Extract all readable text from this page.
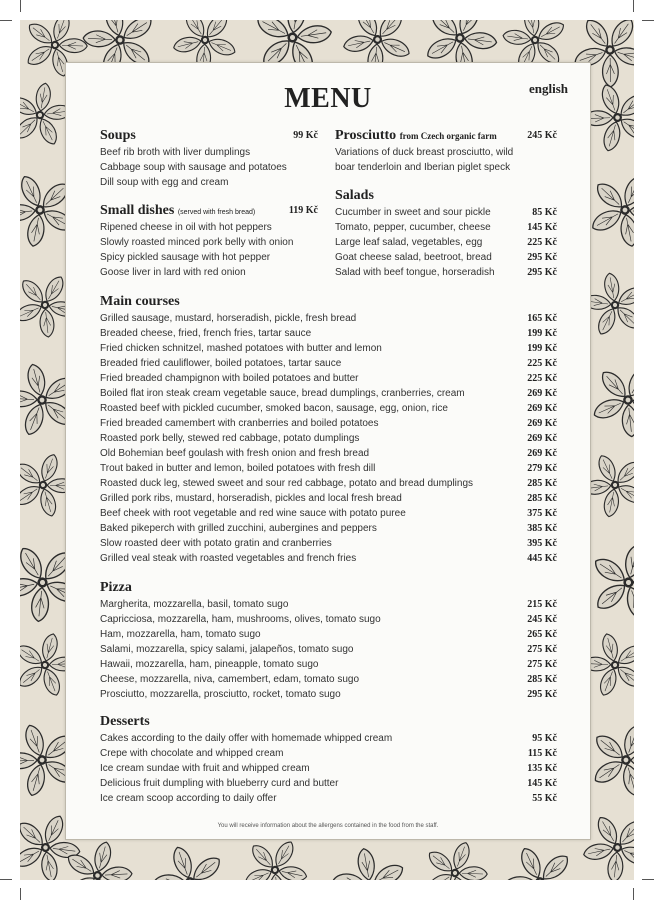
MENU	english
Soups	99 Kč
Beef rib broth with liver dumplings
Cabbage soup with sausage and potatoes
Dill soup with egg and cream
Prosciutto from Czech organic farm	245 Kč
Variations of duck breast prosciutto, wild
boar tenderloin and Iberian piglet speck
Small dishes (served with fresh bread)	119 Kč
Ripened cheese in oil with hot peppers
Slowly roasted minced pork belly with onion
Spicy pickled sausage with hot pepper
Goose liver in lard with red onion
Salads
Cucumber in sweet and sour pickle	85 Kč
Tomato, pepper, cucumber, cheese	145 Kč
Large leaf salad, vegetables, egg	225 Kč
Goat cheese salad, beetroot, bread	295 Kč
Salad with beef tongue, horseradish	295 Kč
Main courses
Grilled sausage, mustard, horseradish, pickle, fresh bread	165 Kč
Breaded cheese, fried, french fries, tartar sauce	199 Kč
Fried chicken schnitzel, mashed potatoes with butter and lemon	199 Kč
Breaded fried cauliflower, boiled potatoes, tartar sauce	225 Kč
Fried breaded champignon with boiled potatoes and butter	225 Kč
Boiled flat iron steak cream vegetable sauce, bread dumplings, cranberries, cream	269 Kč
Roasted beef with pickled cucumber, smoked bacon, sausage, egg, onion, rice	269 Kč
Fried breaded camembert with cranberries and boiled potatoes	269 Kč
Roasted pork belly, stewed red cabbage, potato dumplings	269 Kč
Old Bohemian beef goulash with fresh onion and fresh bread	269 Kč
Trout baked in butter and lemon, boiled potatoes with fresh dill	279 Kč
Roasted duck leg, stewed sweet and sour red cabbage, potato and bread dumplings	285 Kč
Grilled pork ribs, mustard, horseradish, pickles and local fresh bread	285 Kč
Beef cheek with root vegetable and red wine sauce with potato puree	375 Kč
Baked pikeperch with grilled zucchini, aubergines and peppers	385 Kč
Slow roasted deer with potato gratin and cranberries	395 Kč
Grilled veal steak with roasted vegetables and french fries	445 Kč
Pizza
Margherita, mozzarella, basil, tomato sugo	215 Kč
Capricciosa, mozzarella, ham, mushrooms, olives, tomato sugo	245 Kč
Ham, mozzarella, ham, tomato sugo	265 Kč
Salami, mozzarella, spicy salami, jalapeños, tomato sugo	275 Kč
Hawaii, mozzarella, ham, pineapple, tomato sugo	275 Kč
Cheese, mozzarella, niva, camembert, edam, tomato sugo	285 Kč
Prosciutto, mozzarella, prosciutto, rocket, tomato sugo	295 Kč
Desserts
Cakes according to the daily offer with homemade whipped cream	95 Kč
Crepe with chocolate and whipped cream	115 Kč
Ice cream sundae with fruit and whipped cream	135 Kč
Delicious fruit dumpling with blueberry curd and butter	145 Kč
Ice cream scoop according to daily offer	55 Kč
You will receive information about the allergens contained in the food from the staff.
